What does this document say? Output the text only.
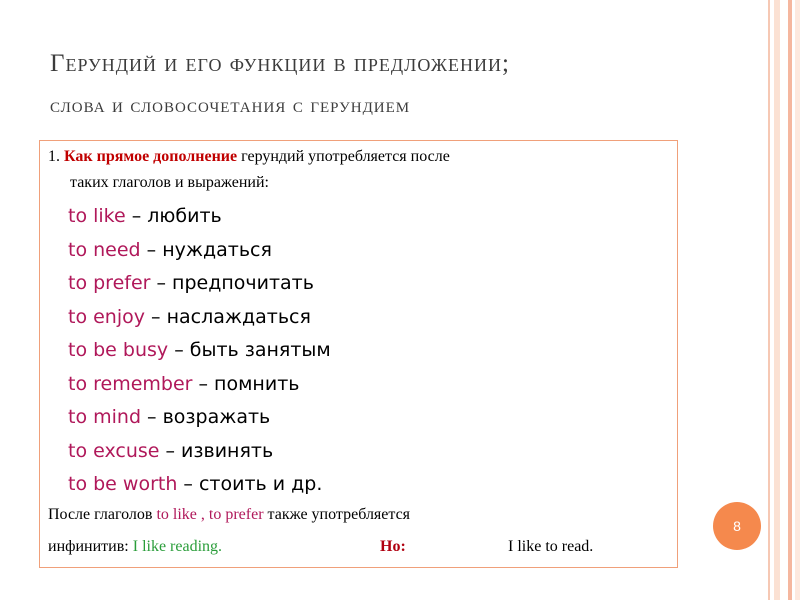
Герундий и его функции в предложении;
слова и словосочетания с герундием
1. Как прямое дополнение герундий употребляется после
таких глаголов и выражений:
to like – любить
to need – нуждаться
to prefer – предпочитать
to enjoy – наслаждаться
to be busy – быть занятым
to remember – помнить
to mind – возражать
to excuse – извинять
to be worth – стоить и др.
После глаголов to like , to prefer также употребляется
инфинитив: I like reading.	Но:	I like to read.
8
